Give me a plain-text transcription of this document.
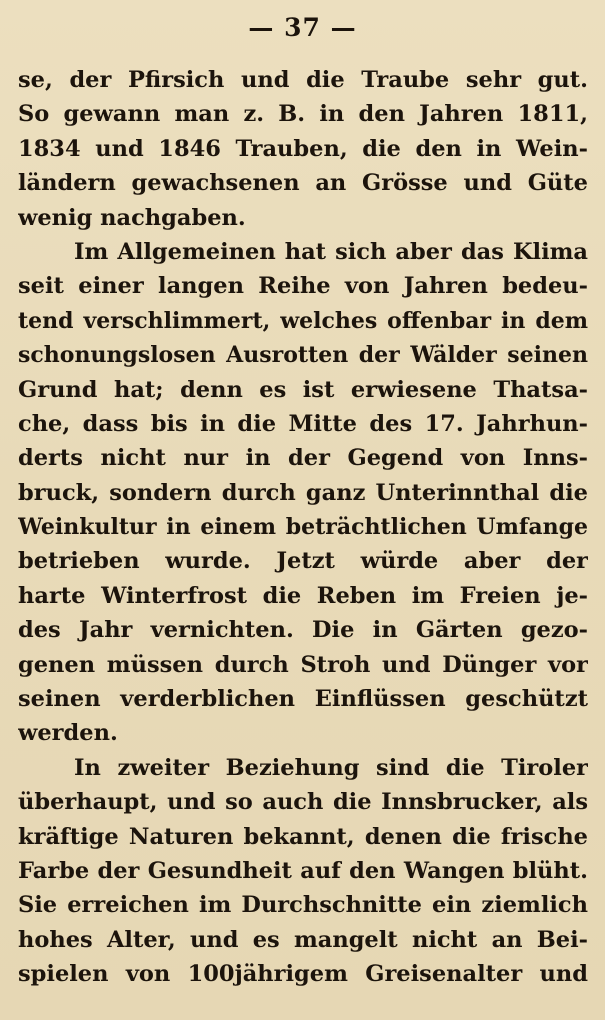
— 37 —
se, der Pfirsich und die Traube sehr gut.
So gewann man z. B. in den Jahren 1811,
1834 und 1846 Trauben, die den in Wein-
ländern gewachsenen an Grösse und Güte
wenig nachgaben.
Im Allgemeinen hat sich aber das Klima
seit einer langen Reihe von Jahren bedeu-
tend verschlimmert, welches offenbar in dem
schonungslosen Ausrotten der Wälder seinen
Grund hat; denn es ist erwiesene Thatsa-
che, dass bis in die Mitte des 17. Jahrhun-
derts nicht nur in der Gegend von Inns-
bruck, sondern durch ganz Unterinnthal die
Weinkultur in einem beträchtlichen Umfange
betrieben wurde. Jetzt würde aber der
harte Winterfrost die Reben im Freien je-
des Jahr vernichten. Die in Gärten gezo-
genen müssen durch Stroh und Dünger vor
seinen verderblichen Einflüssen geschützt
werden.
In zweiter Beziehung sind die Tiroler
überhaupt, und so auch die Innsbrucker, als
kräftige Naturen bekannt, denen die frische
Farbe der Gesundheit auf den Wangen blüht.
Sie erreichen im Durchschnitte ein ziemlich
hohes Alter, und es mangelt nicht an Bei-
spielen von 100jährigem Greisenalter und
